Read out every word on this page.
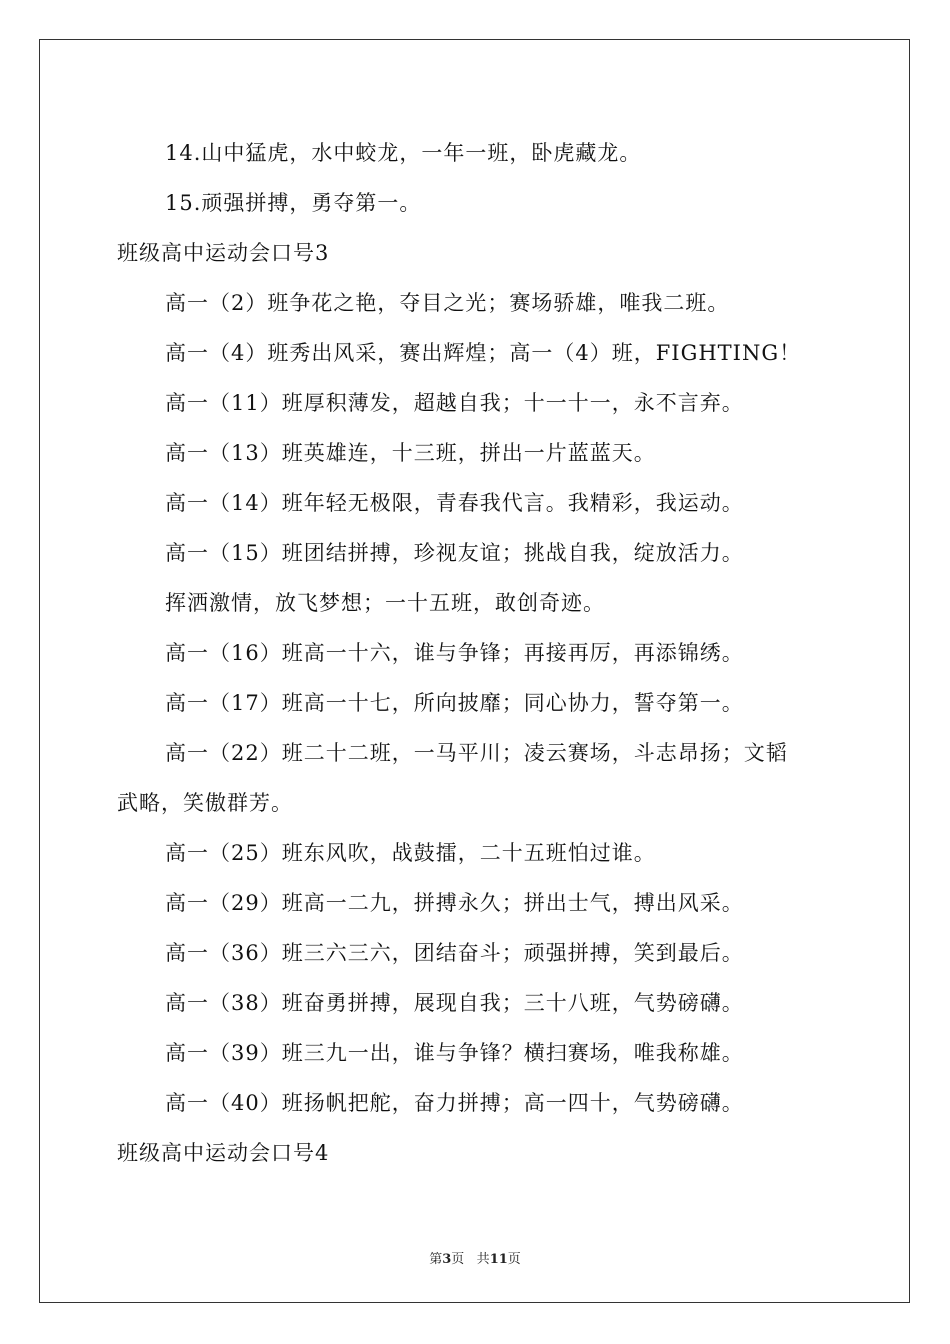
14.山中猛虎，水中蛟龙，一年一班，卧虎藏龙。
15.顽强拼搏，勇夺第一。
班级高中运动会口号3
高一（2）班争花之艳，夺目之光；赛场骄雄，唯我二班。
高一（4）班秀出风采，赛出辉煌；高一（4）班，FIGHTING！
高一（11）班厚积薄发，超越自我；十一十一，永不言弃。
高一（13）班英雄连，十三班，拼出一片蓝蓝天。
高一（14）班年轻无极限，青春我代言。我精彩，我运动。
高一（15）班团结拼搏，珍视友谊；挑战自我，绽放活力。
挥洒激情，放飞梦想；一十五班，敢创奇迹。
高一（16）班高一十六，谁与争锋；再接再厉，再添锦绣。
高一（17）班高一十七，所向披靡；同心协力，誓夺第一。
高一（22）班二十二班，一马平川；凌云赛场，斗志昂扬；文韬
武略，笑傲群芳。
高一（25）班东风吹，战鼓擂，二十五班怕过谁。
高一（29）班高一二九，拼搏永久；拼出士气，搏出风采。
高一（36）班三六三六，团结奋斗；顽强拼搏，笑到最后。
高一（38）班奋勇拼搏，展现自我；三十八班，气势磅礴。
高一（39）班三九一出，谁与争锋？横扫赛场，唯我称雄。
高一（40）班扬帆把舵，奋力拼搏；高一四十，气势磅礴。
班级高中运动会口号4
第3页 共11页
